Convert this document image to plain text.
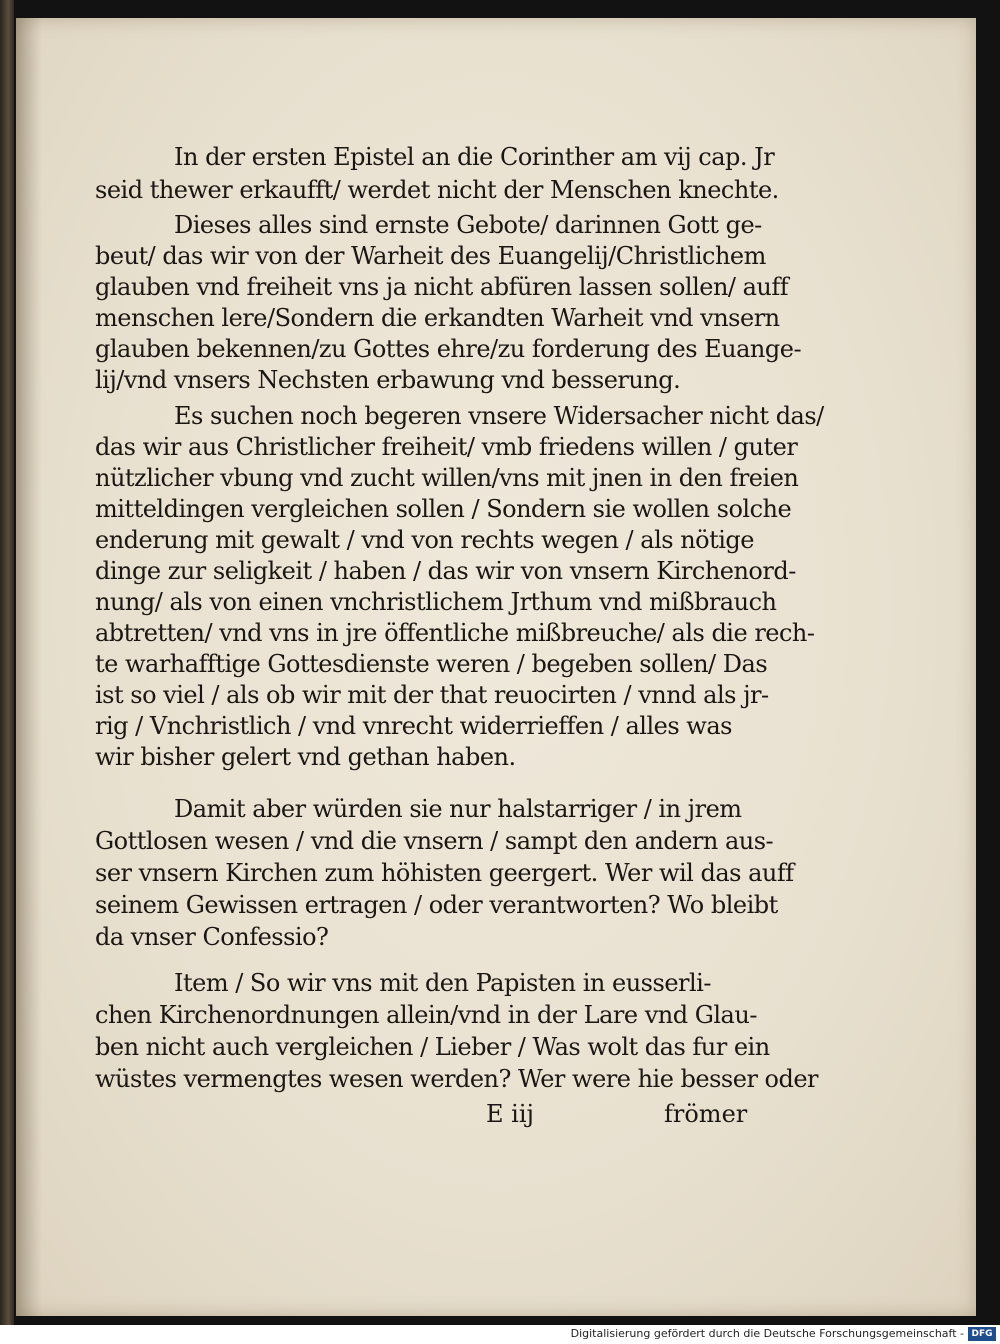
In der ersten Epistel an die Corinther am vij cap. Jr

seid thewer erkaufft/ werdet nicht der Menschen knechte.

Dieses alles sind ernste Gebote/ darinnen Gott ge-

beut/ das wir von der Warheit des Euangelij/Christlichem

glauben vnd freiheit vns ja nicht abfüren lassen sollen/ auff

menschen lere/Sondern die erkandten Warheit vnd vnsern

glauben bekennen/zu Gottes ehre/zu forderung des Euange-

lij/vnd vnsers Nechsten erbawung vnd besserung.

Es suchen noch begeren vnsere Widersacher nicht das/

das wir aus Christlicher freiheit/ vmb friedens willen / guter

nützlicher vbung vnd zucht willen/vns mit jnen in den freien

mitteldingen vergleichen sollen / Sondern sie wollen solche

enderung mit gewalt / vnd von rechts wegen / als nötige

dinge zur seligkeit / haben / das wir von vnsern Kirchenord-

nung/ als von einen vnchristlichem Jrthum vnd mißbrauch

abtretten/ vnd vns in jre öffentliche mißbreuche/ als die rech-

te warhafftige Gottesdienste weren / begeben sollen/ Das

ist so viel / als ob wir mit der that reuocirten / vnnd als jr-

rig / Vnchristlich / vnd vnrecht widerrieffen / alles was

wir bisher gelert vnd gethan haben.

Damit aber würden sie nur halstarriger / in jrem

Gottlosen wesen / vnd die vnsern / sampt den andern aus-

ser vnsern Kirchen zum höhisten geergert. Wer wil das auff

seinem Gewissen ertragen / oder verantworten? Wo bleibt

da vnser Confessio?

Item / So wir vns mit den Papisten in eusserli-

chen Kirchenordnungen allein/vnd in der Lare vnd Glau-

ben nicht auch vergleichen / Lieber / Was wolt das fur ein

wüstes vermengtes wesen werden? Wer were hie besser oder

E iij	frömer

Digitalisierung gefördert durch die Deutsche Forschungsgemeinschaft - DFG
